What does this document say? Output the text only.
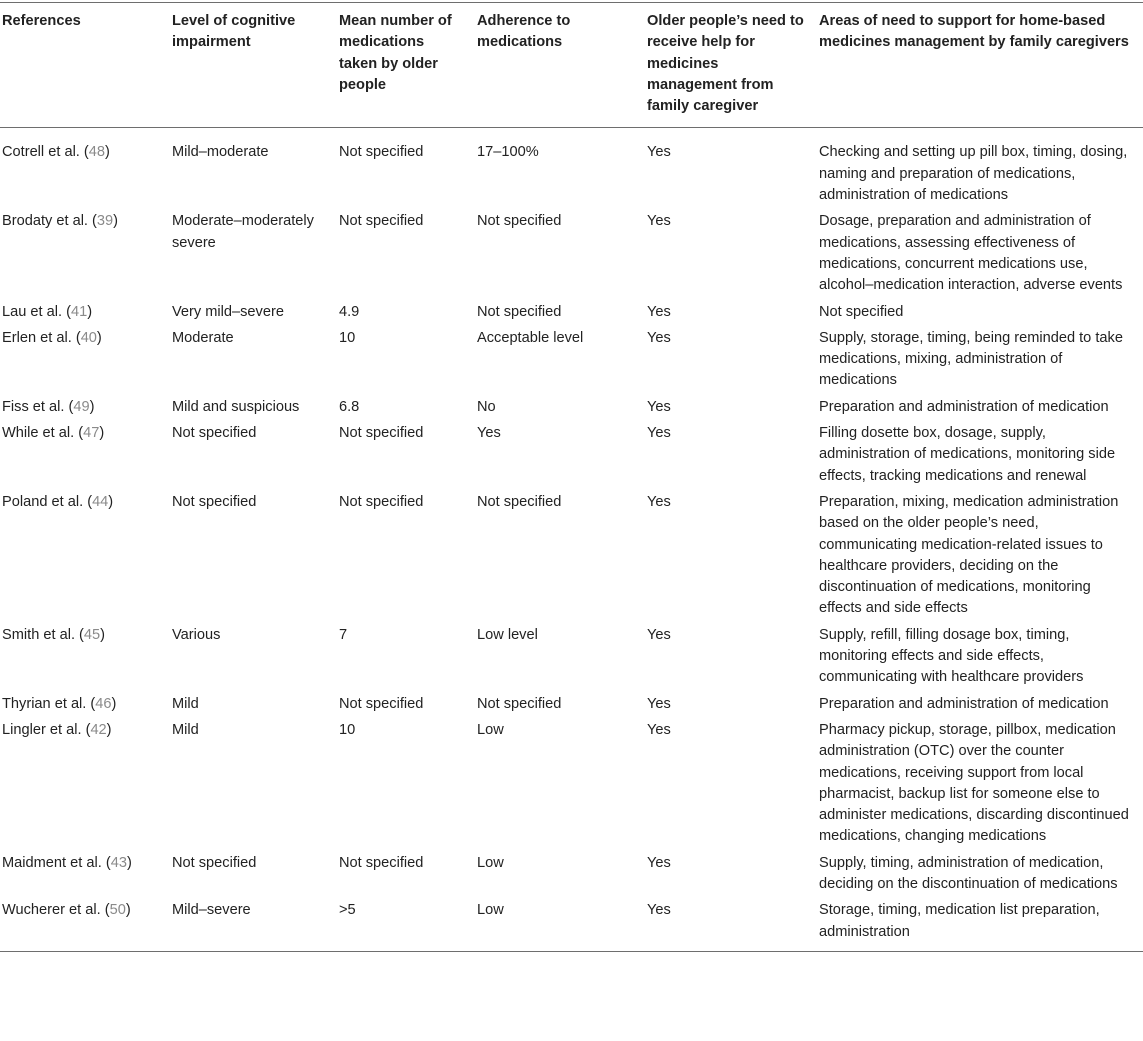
References	Level of cognitive impairment	Mean number of medications taken by older people	Adherence to medications	Older people’s need to receive help for medicines management from family caregiver	Areas of need to support for home-based medicines management by family caregivers
Cotrell et al. (48)	Mild–moderate	Not specified	17–100%	Yes	Checking and setting up pill box, timing, dosing, naming and preparation of medications, administration of medications
Brodaty et al. (39)	Moderate–moderately severe	Not specified	Not specified	Yes	Dosage, preparation and administration of medications, assessing effectiveness of medications, concurrent medications use, alcohol–medication interaction, adverse events
Lau et al. (41)	Very mild–severe	4.9	Not specified	Yes	Not specified
Erlen et al. (40)	Moderate	10	Acceptable level	Yes	Supply, storage, timing, being reminded to take medications, mixing, administration of medications
Fiss et al. (49)	Mild and suspicious	6.8	No	Yes	Preparation and administration of medication
While et al. (47)	Not specified	Not specified	Yes	Yes	Filling dosette box, dosage, supply, administration of medications, monitoring side effects, tracking medications and renewal
Poland et al. (44)	Not specified	Not specified	Not specified	Yes	Preparation, mixing, medication administration based on the older people’s need, communicating medication-related issues to healthcare providers, deciding on the discontinuation of medications, monitoring effects and side effects
Smith et al. (45)	Various	7	Low level	Yes	Supply, refill, filling dosage box, timing, monitoring effects and side effects, communicating with healthcare providers
Thyrian et al. (46)	Mild	Not specified	Not specified	Yes	Preparation and administration of medication
Lingler et al. (42)	Mild	10	Low	Yes	Pharmacy pickup, storage, pillbox, medication administration (OTC) over the counter medications, receiving support from local pharmacist, backup list for someone else to administer medications, discarding discontinued medications, changing medications
Maidment et al. (43)	Not specified	Not specified	Low	Yes	Supply, timing, administration of medication, deciding on the discontinuation of medications
Wucherer et al. (50)	Mild–severe	>5	Low	Yes	Storage, timing, medication list preparation, administration
